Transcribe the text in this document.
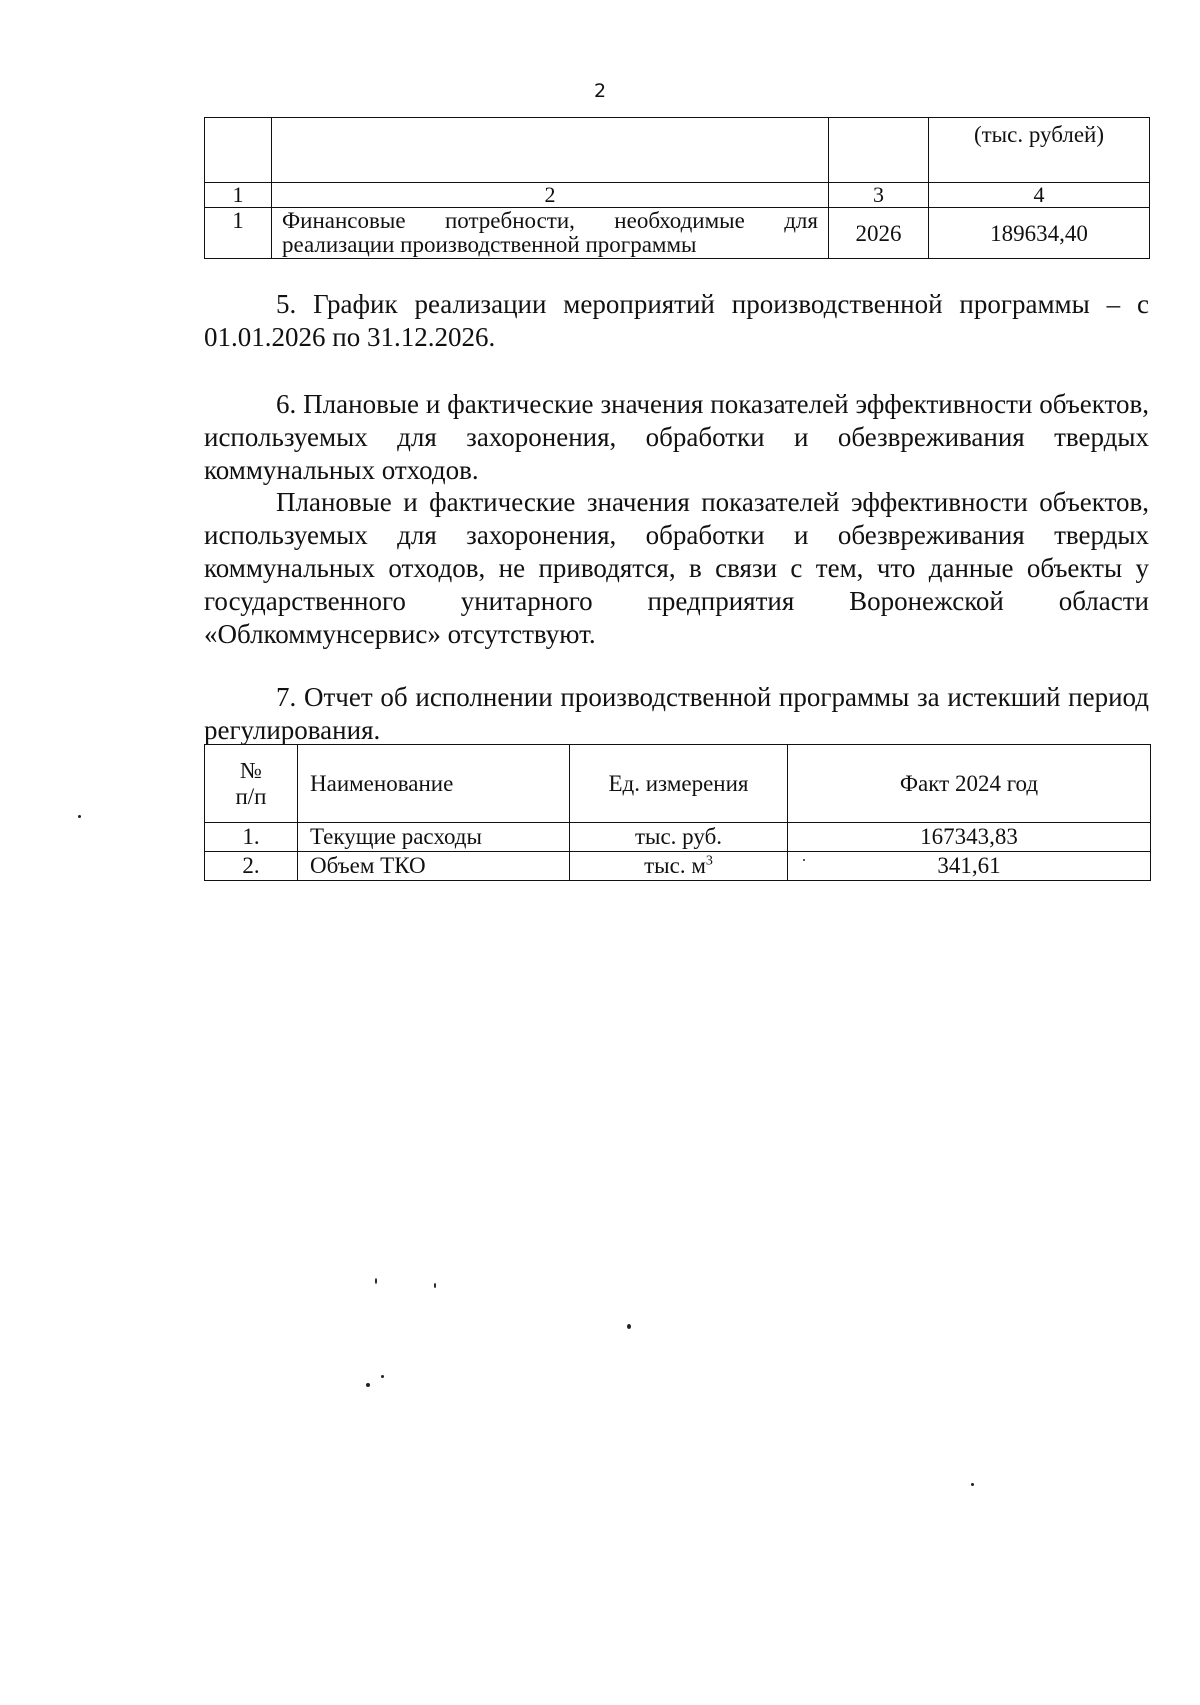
2
			(тыс. рублей)
1	2	3	4
1	Финансовые потребности, необходимые для реализации производственной программы	2026	189634,40

5. График реализации мероприятий производственной программы – с 01.01.2026 по 31.12.2026.

6. Плановые и фактические значения показателей эффективности объектов, используемых для захоронения, обработки и обезвреживания твердых коммунальных отходов.

Плановые и фактические значения показателей эффективности объектов, используемых для захоронения, обработки и обезвреживания твердых коммунальных отходов, не приводятся, в связи с тем, что данные объекты у государственного унитарного предприятия Воронежской области «Облкоммунсервис» отсутствуют.

7. Отчет об исполнении производственной программы за истекший период регулирования.

№
п/п	Наименование	Ед. измерения	Факт 2024 год
1.	Текущие расходы	тыс. руб.	167343,83
2.	Объем ТКО	тыс. $м^3$	341,61
